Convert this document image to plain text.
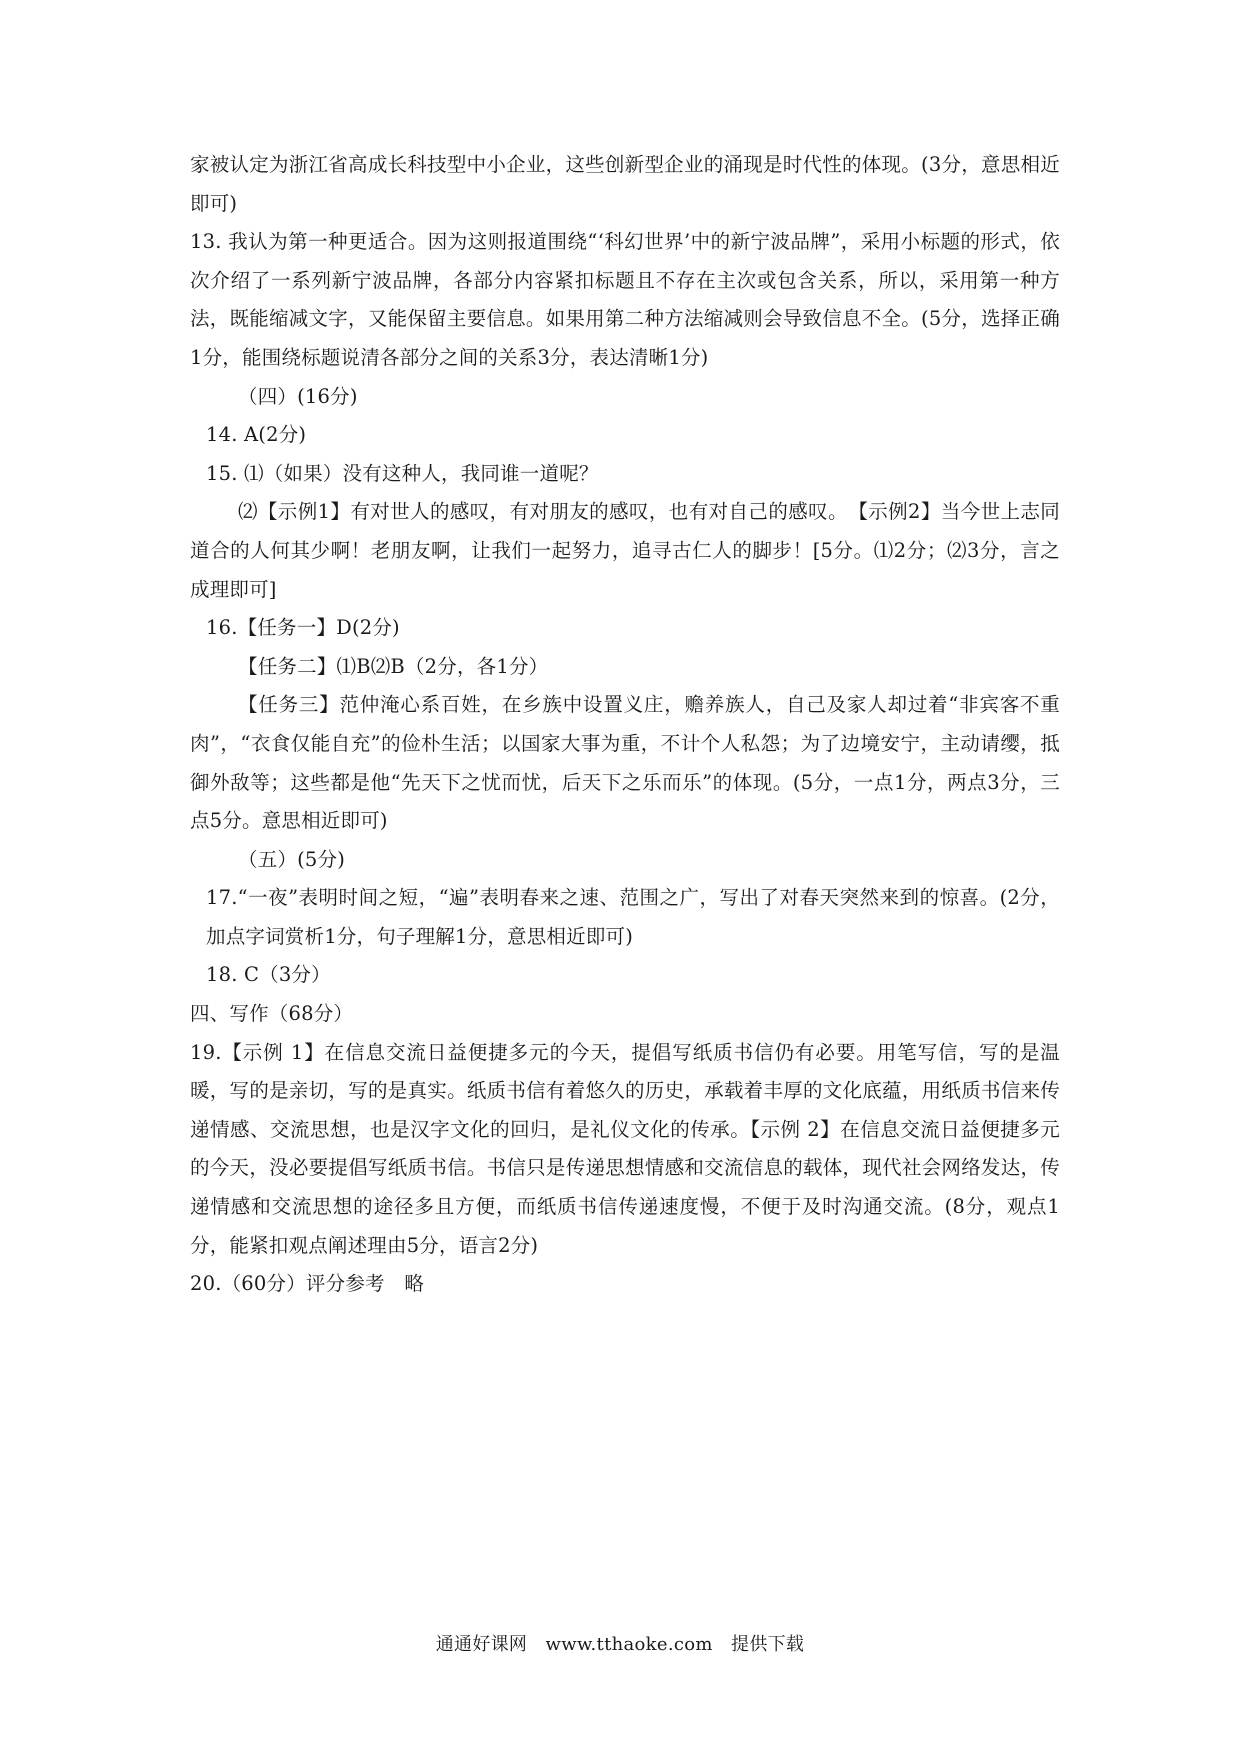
家被认定为浙江省高成长科技型中小企业，这些创新型企业的涌现是时代性的体现。(3分，意思相近即可)

13. 我认为第一种更适合。因为这则报道围绕“‘科幻世界’中的新宁波品牌”，采用小标题的形式，依次介绍了一系列新宁波品牌，各部分内容紧扣标题且不存在主次或包含关系，所以，采用第一种方法，既能缩减文字，又能保留主要信息。如果用第二种方法缩减则会导致信息不全。(5分，选择正确1分，能围绕标题说清各部分之间的关系3分，表达清晰1分)

（四）(16分)

14. A(2分)

15. ⑴（如果）没有这种人，我同谁一道呢？

⑵【示例1】有对世人的感叹，有对朋友的感叹，也有对自己的感叹。　【示例2】当今世上志同道合的人何其少啊！老朋友啊，让我们一起努力，追寻古仁人的脚步！[5分。⑴2分；⑵3分，言之成理即可]

16.【任务一】D(2分)

【任务二】⑴B⑵B（2分，各1分）

【任务三】范仲淹心系百姓，在乡族中设置义庄，赡养族人，自己及家人却过着“非宾客不重肉”，“衣食仅能自充”的俭朴生活；以国家大事为重，不计个人私怨；为了边境安宁，主动请缨，抵御外敌等；这些都是他“先天下之忧而忧，后天下之乐而乐”的体现。(5分，一点1分，两点3分，三点5分。意思相近即可)

（五）(5分)

17.“一夜”表明时间之短，“遍”表明春来之速、范围之广，写出了对春天突然来到的惊喜。(2分，加点字词赏析1分，句子理解1分，意思相近即可)

18. C（3分）

四、写作（68分）

19.【示例 1】在信息交流日益便捷多元的今天，提倡写纸质书信仍有必要。用笔写信，写的是温暖，写的是亲切，写的是真实。纸质书信有着悠久的历史，承载着丰厚的文化底蕴，用纸质书信来传递情感、交流思想，也是汉字文化的回归，是礼仪文化的传承。【示例 2】在信息交流日益便捷多元的今天，没必要提倡写纸质书信。书信只是传递思想情感和交流信息的载体，现代社会网络发达，传递情感和交流思想的途径多且方便，而纸质书信传递速度慢，不便于及时沟通交流。(8分，观点1分，能紧扣观点阐述理由5分，语言2分)

20.（60分）评分参考　略

通通好课网　www.tthaoke.com　提供下载
